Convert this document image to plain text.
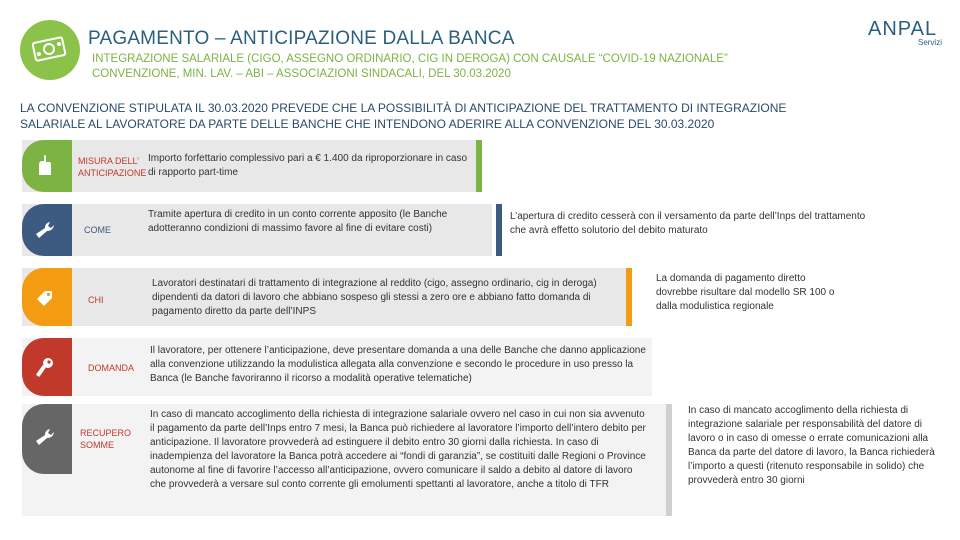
PAGAMENTO – ANTICIPAZIONE DALLA BANCA
INTEGRAZIONE SALARIALE (CIGO, ASSEGNO ORDINARIO, CIG IN DEROGA) CON CAUSALE “COVID-19 NAZIONALE”
CONVENZIONE, MIN. LAV. – ABI – ASSOCIAZIONI SINDACALI, DEL 30.03.2020
ANPAL
Servizi
LA CONVENZIONE STIPULATA IL 30.03.2020 PREVEDE CHE LA POSSIBILITÀ DI ANTICIPAZIONE DEL TRATTAMENTO DI INTEGRAZIONE SALARIALE AL LAVORATORE DA PARTE DELLE BANCHE CHE INTENDONO ADERIRE ALLA CONVENZIONE DEL 30.03.2020
MISURA DELL’ ANTICIPAZIONE
Importo forfettario complessivo pari a € 1.400 da riproporzionare in caso di rapporto part-time
COME
Tramite apertura di credito in un conto corrente apposito (le Banche adotteranno condizioni di massimo favore al fine di evitare costi)
L’apertura di credito cesserà con il versamento da parte dell’Inps del trattamento che avrà effetto solutorio del debito maturato
CHI
Lavoratori destinatari di trattamento di integrazione al reddito (cigo, assegno ordinario, cig in deroga) dipendenti da datori di lavoro che abbiano sospeso gli stessi a zero ore e abbiano fatto domanda di pagamento diretto da parte dell’INPS
La domanda di pagamento diretto dovrebbe risultare dal modello SR 100 o dalla modulistica regionale
DOMANDA
Il lavoratore, per ottenere l’anticipazione, deve presentare domanda a una delle Banche che danno applicazione alla convenzione utilizzando la modulistica allegata alla convenzione e secondo le procedure in uso presso la Banca (le Banche favoriranno il ricorso a modalità operative telematiche)
RECUPERO SOMME
In caso di mancato accoglimento della richiesta di integrazione salariale ovvero nel caso in cui non sia avvenuto il pagamento da parte dell’Inps entro 7 mesi, la Banca può richiedere al lavoratore l’importo dell’intero debito per anticipazione. Il lavoratore provvederà ad estinguere il debito entro 30 giorni dalla richiesta. In caso di inadempienza del lavoratore la Banca potrà accedere ai “fondi di garanzia”, se costituiti dalle Regioni o Province autonome al fine di favorire l’accesso all’anticipazione, ovvero comunicare il saldo a debito al datore di lavoro che provvederà a versare sul conto corrente gli emolumenti spettanti al lavoratore, anche a titolo di TFR
In caso di mancato accoglimento della richiesta di integrazione salariale per responsabilità del datore di lavoro o in caso di omesse o errate comunicazioni alla Banca da parte del datore di lavoro, la Banca richiederà l’importo a questi (ritenuto responsabile in solido) che provvederà entro 30 giorni
